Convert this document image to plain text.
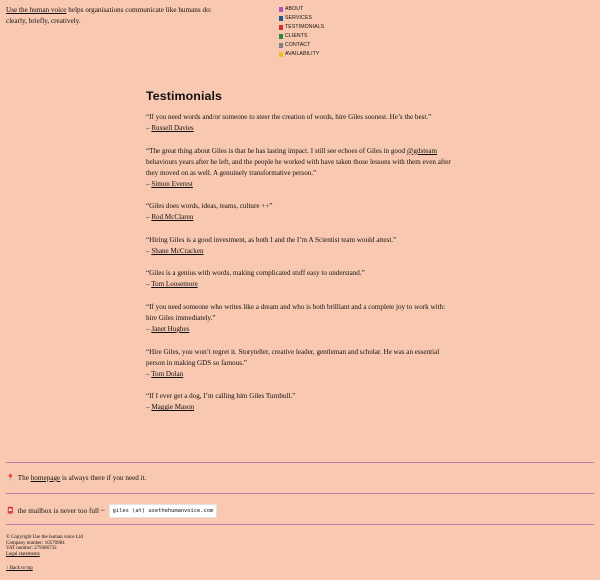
Use the human voice helps organisations communicate like humans do: clearly, briefly, creatively.
ABOUT
SERVICES
TESTIMONIALS
CLIENTS
CONTACT
AVAILABILITY
Testimonials

“If you need words and/or someone to steer the creation of words, hire Giles soonest. He’s the best.”

– Russell Davies

“The great thing about Giles is that he has lasting impact. I still see echoes of Giles in good @gdsteam behaviours years after he left, and the people he worked with have taken those lessons with them even after they moved on as well. A genuinely transformative person.”

– Simon Everest

“Giles does words, ideas, teams, culture ++”

– Rod McClaren

“Hiring Giles is a good investment, as both I and the I’m A Scientist team would attest.”

– Shane McCracken

“Giles is a genius with words, making complicated stuff easy to understand.”

– Tom Loosemore

“If you need someone who writes like a dream and who is both brilliant and a complete joy to work with: hire Giles immediately.”

– Janet Hughes

“Hire Giles, you won’t regret it. Storyteller, creative leader, gentleman and scholar. He was an essential person in making GDS so famous.”

– Tom Dolan

“If I ever get a dog, I’m calling him Giles Turnbull.”

– Maggie Mason

📍 The
homepage
is always there if you need it.
📮 the mailbox is never too full ~	giles (at) usethehumanvoice.com
© Copyright Use the human voice Ltd
Company number: 10570984
VAT number: 279386732
Legal statements
↑ Back to top
